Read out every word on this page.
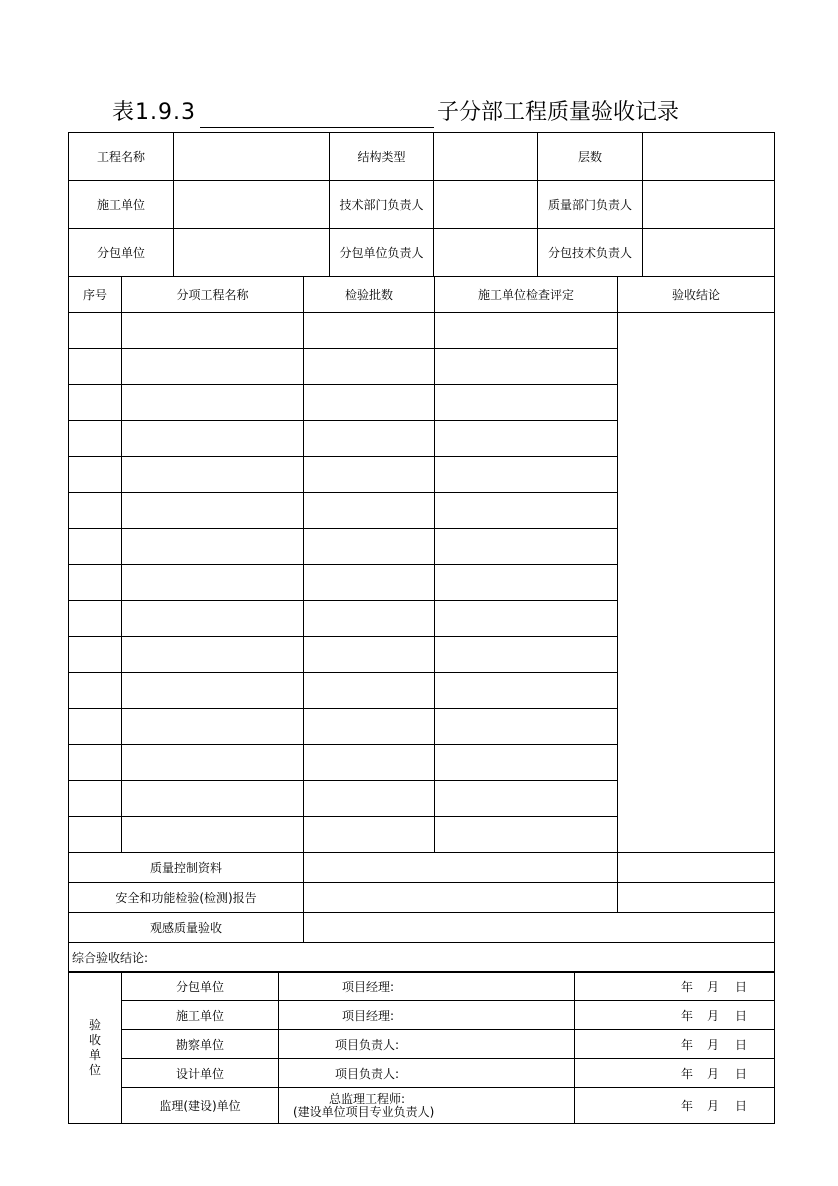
表1.9.3	子分部工程质量验收记录
工程名称		结构类型		层数	
施工单位		技术部门负责人		质量部门负责人	
分包单位		分包单位负责人		分包技术负责人	
序号	分项工程名称	检验批数	施工单位检查评定	验收结论

质量控制资料				
安全和功能检验(检测)报告				
观感质量验收				
综合验收结论:				
验
收
单
位	分包单位	项目经理:	年 月 日
	施工单位	项目经理:	年 月 日
	勘察单位	项目负责人:	年 月 日
	设计单位	项目负责人:	年 月 日
	监理(建设)单位	总监理工程师:
(建设单位项目专业负责人)	年 月 日
